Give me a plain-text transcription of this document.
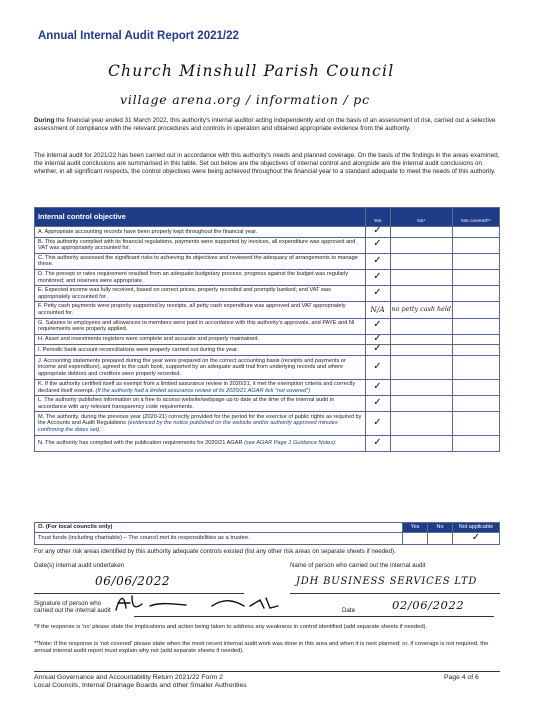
Annual Internal Audit Report 2021/22
Church Minshull Parish Council
village arena.org / information / pc
During the financial year ended 31 March 2022, this authority's internal auditor acting independently and on the basis of an assessment of risk, carried out a selective assessment of compliance with the relevant procedures and controls in operation and obtained appropriate evidence from the authority.
The internal audit for 2021/22 has been carried out in accordance with this authority's needs and planned coverage. On the basis of the findings in the areas examined, the internal audit conclusions are summarised in this table. Set out below are the objectives of internal control and alongside are the internal audit conclusions on whether, in all significant respects, the control objectives were being achieved throughout the financial year to a standard adequate to meet the needs of this authority.
Internal control objective	Yes	No*	Not covered**
A. Appropriate accounting records have been properly kept throughout the financial year.	✓		
B. This authority complied with its financial regulations, payments were supported by invoices, all expenditure was approved and VAT was appropriately accounted for.	✓		
C. This authority assessed the significant risks to achieving its objectives and reviewed the adequacy of arrangements to manage these.	✓		
D. The precept or rates requirement resulted from an adequate budgetary process; progress against the budget was regularly monitored; and reserves were appropriate.	✓		
E. Expected income was fully received, based on correct prices, properly recorded and promptly banked; and VAT was appropriately accounted for.	✓		
F. Petty cash payments were properly supported by receipts, all petty cash expenditure was approved and VAT appropriately accounted for.	N/A	no petty cash held	
G. Salaries to employees and allowances to members were paid in accordance with this authority's approvals, and PAYE and NI requirements were properly applied.	✓		
H. Asset and investments registers were complete and accurate and properly maintained.	✓		
I. Periodic bank account reconciliations were properly carried out during the year.	✓		
J. Accounting statements prepared during the year were prepared on the correct accounting basis (receipts and payments or income and expenditure), agreed to the cash book, supported by an adequate audit trail from underlying records and where appropriate debtors and creditors were properly recorded.	✓		
K. If the authority certified itself as exempt from a limited assurance review in 2020/21, it met the exemption criteria and correctly declared itself exempt. (If the authority had a limited assurance review of its 2020/21 AGAR tick "not covered")	✓		
L. The authority publishes information on a free to access website/webpage up to date at the time of the internal audit in accordance with any relevant transparency code requirements.	✓		
M. The authority, during the previous year (2020-21) correctly provided for the period for the exercise of public rights as required by the Accounts and Audit Regulations (evidenced by the notice published on the website and/or authority approved minutes confirming the dates set).	✓		
N. The authority has complied with the publication requirements for 2020/21 AGAR (see AGAR Page 1 Guidance Notes).	✓		
O. (For local councils only)	Yes	No	Not applicable
Trust funds (including charitable) – The council met its responsibilities as a trustee.			✓
For any other risk areas identified by this authority adequate controls existed (list any other risk areas on separate sheets if needed).
Date(s) internal audit undertaken	Name of person who carried out the internal audit
06/06/2022	JDH BUSINESS SERVICES LTD
Signature of person who
carried out the internal audit	Date	02/06/2022
*If the response is 'no' please state the implications and action being taken to address any weakness in control identified (add separate sheets if needed).
**Note: If the response is 'not covered' please state when the most recent internal audit work was done in this area and when it is next planned; or, if coverage is not required, the annual internal audit report must explain why not (add separate sheets if needed).
Annual Governance and Accountability Return 2021/22 Form 2
Local Councils, Internal Drainage Boards and other Smaller Authorities
Page 4 of 6
